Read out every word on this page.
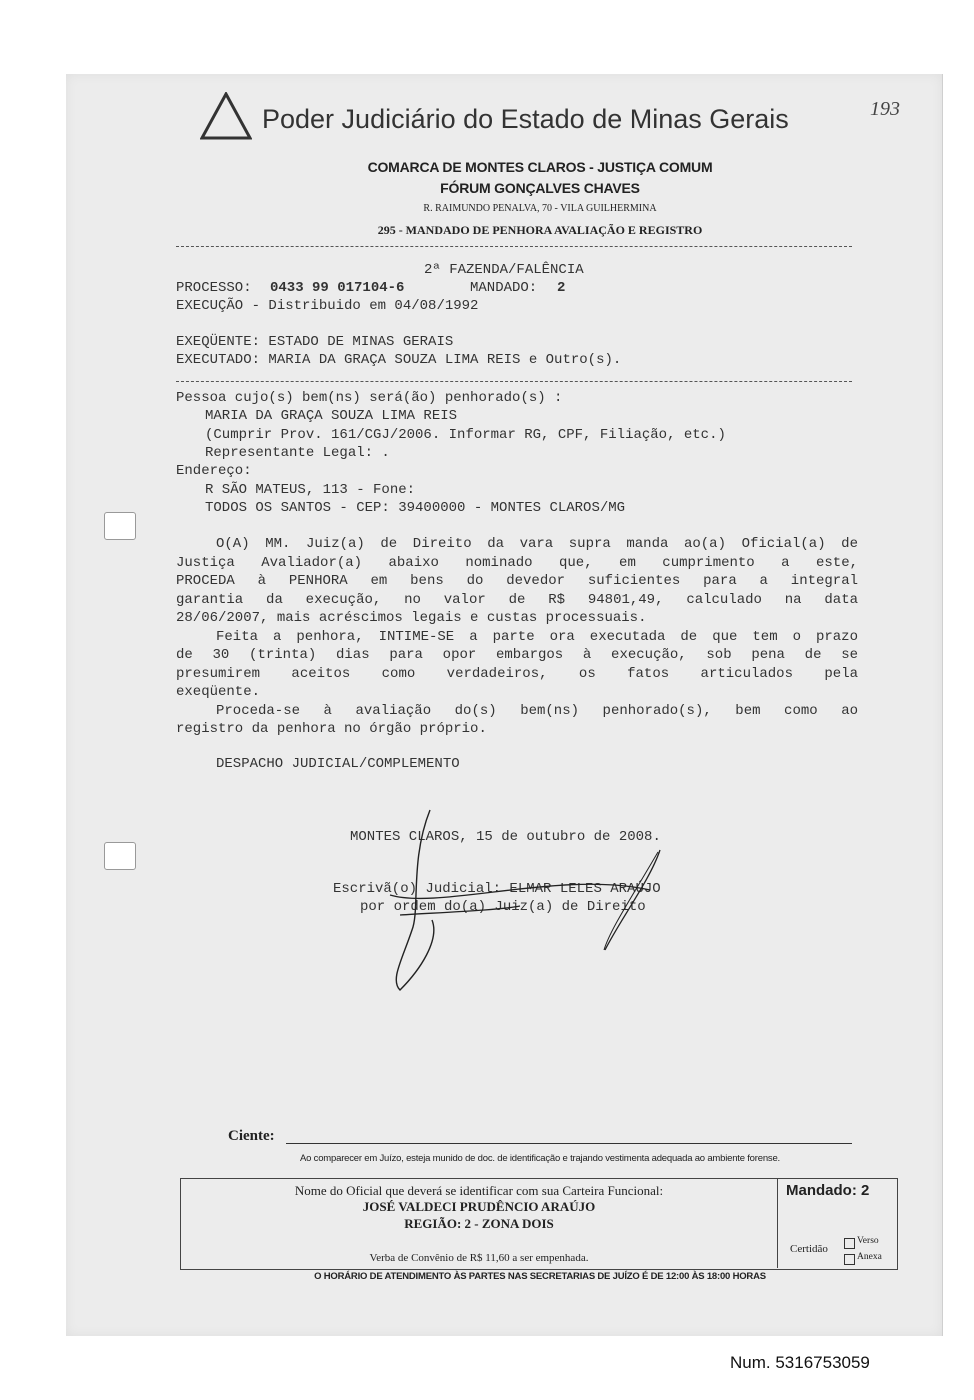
Poder Judiciário do Estado de Minas Gerais	193
COMARCA DE MONTES CLAROS - JUSTIÇA COMUM
FÓRUM GONÇALVES CHAVES
R. RAIMUNDO PENALVA, 70 - VILA GUILHERMINA
295 - MANDADO DE PENHORA AVALIAÇÃO E REGISTRO
2ª FAZENDA/FALÊNCIA
PROCESSO: 0433 99 017104-6	MANDADO: 2
EXECUÇÃO - Distribuido em 04/08/1992
EXEQÜENTE: ESTADO DE MINAS GERAIS
EXECUTADO: MARIA DA GRAÇA SOUZA LIMA REIS e Outro(s).
Pessoa cujo(s) bem(ns) será(ão) penhorado(s) :
MARIA DA GRAÇA SOUZA LIMA REIS
(Cumprir Prov. 161/CGJ/2006. Informar RG, CPF, Filiação, etc.)
Representante Legal: .
Endereço:
R SÃO MATEUS, 113 - Fone:
TODOS OS SANTOS - CEP: 39400000 - MONTES CLAROS/MG
O(A) MM. Juiz(a) de Direito da vara supra manda ao(a) Oficial(a) de
Justiça Avaliador(a) abaixo nominado que, em cumprimento a este,
PROCEDA à PENHORA em bens do devedor suficientes para a integral
garantia da execução, no valor de R$ 94801,49, calculado na data
28/06/2007, mais acréscimos legais e custas processuais.
Feita a penhora, INTIME-SE a parte ora executada de que tem o prazo
de 30 (trinta) dias para opor embargos à execução, sob pena de se
presumirem aceitos como verdadeiros, os fatos articulados pela
exeqüente.
Proceda-se à avaliação do(s) bem(ns) penhorado(s), bem como ao
registro da penhora no órgão próprio.
DESPACHO JUDICIAL/COMPLEMENTO
MONTES CLAROS, 15 de outubro de 2008.
Escrivã(o) Judicial: ELMAR LELES ARAÚJO
por ordem do(a) Juiz(a) de Direito
Ciente:
Ao comparecer em Juízo, esteja munido de doc. de identificação e trajando vestimenta adequada ao ambiente forense.
Nome do Oficial que deverá se identificar com sua Carteira Funcional:
JOSÉ VALDECI PRUDÊNCIO ARAÚJO
REGIÃO: 2 - ZONA DOIS
Verba de Convênio de R$ 11,60 a ser empenhada.
Mandado: 2
Certidão
Verso
Anexa
O HORÁRIO DE ATENDIMENTO ÀS PARTES NAS SECRETARIAS DE JUÍZO É DE 12:00 ÀS 18:00 HORAS
Num. 5316753059
